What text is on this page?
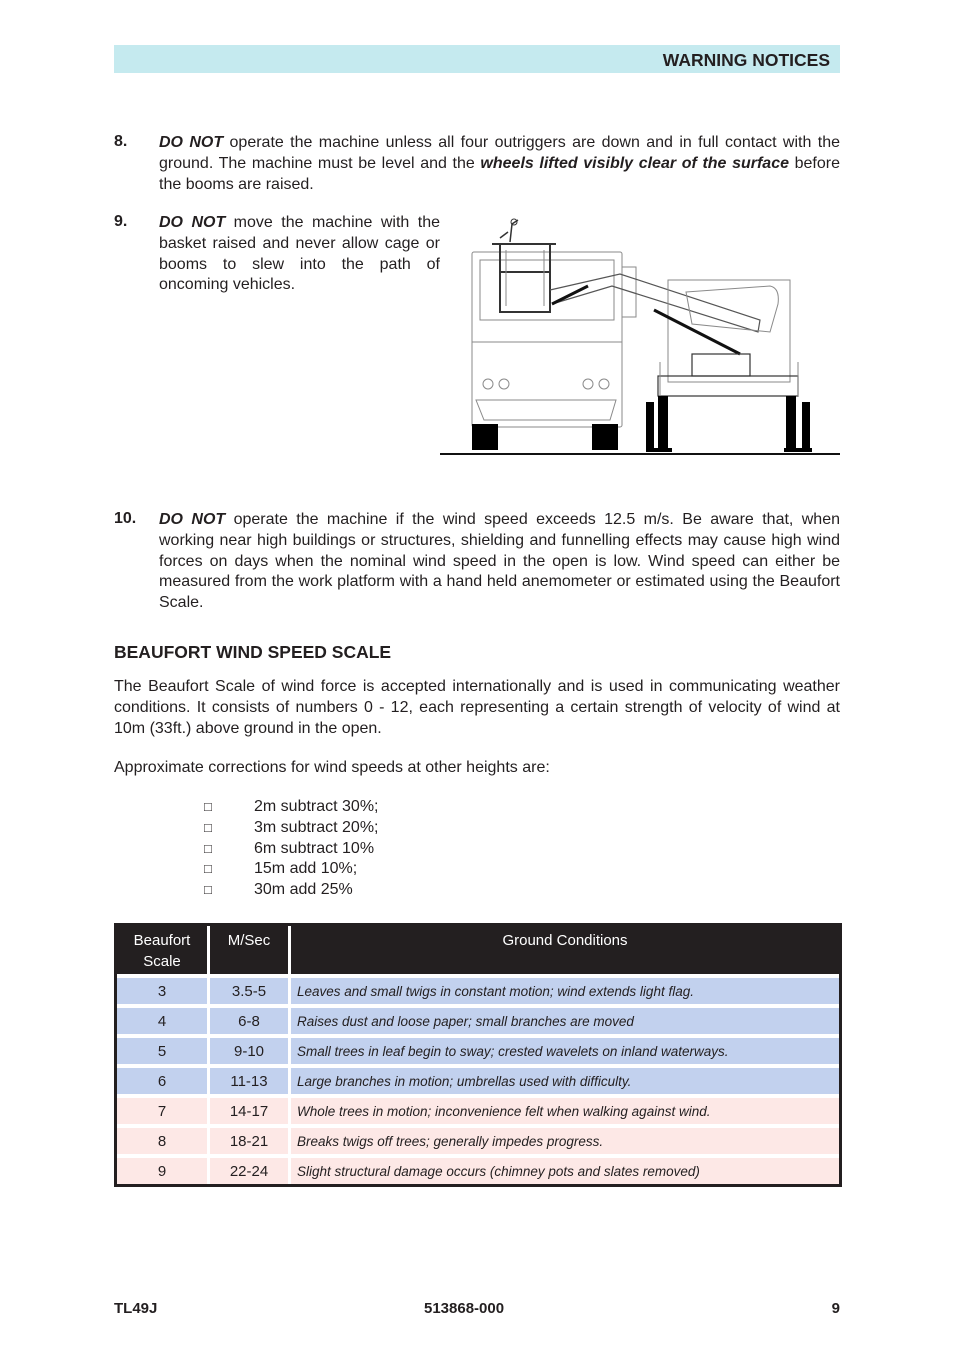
WARNING NOTICES
8. DO NOT operate the machine unless all four outriggers are down and in full contact with the ground. The machine must be level and the wheels lifted visibly clear of the surface before the booms are raised.
9. DO NOT move the machine with the basket raised and never allow cage or booms to slew into the path of oncoming vehicles.
10. DO NOT operate the machine if the wind speed exceeds 12.5 m/s. Be aware that, when working near high buildings or structures, shielding and funnelling effects may cause high wind forces on days when the nominal wind speed in the open is low. Wind speed can either be measured from the work platform with a hand held anemometer or estimated using the Beaufort Scale.
BEAUFORT WIND SPEED SCALE
The Beaufort Scale of wind force is accepted internationally and is used in communicating weather conditions. It consists of numbers 0 - 12, each representing a certain strength of velocity of wind at 10m (33ft.) above ground in the open.
Approximate corrections for wind speeds at other heights are:
□	2m subtract 30%;
□	3m subtract 20%;
□	6m subtract 10%
□	15m add 10%;
□	30m add 25%
Beaufort Scale	M/Sec	Ground Conditions
3	3.5-5	Leaves and small twigs in constant motion; wind extends light flag.
4	6-8	Raises dust and loose paper; small branches are moved
5	9-10	Small trees in leaf begin to sway; crested wavelets on inland waterways.
6	11-13	Large branches in motion; umbrellas used with difficulty.
7	14-17	Whole trees in motion; inconvenience felt when walking against wind.
8	18-21	Breaks twigs off trees; generally impedes progress.
9	22-24	Slight structural damage occurs (chimney pots and slates removed)
TL49J	513868-000	9
